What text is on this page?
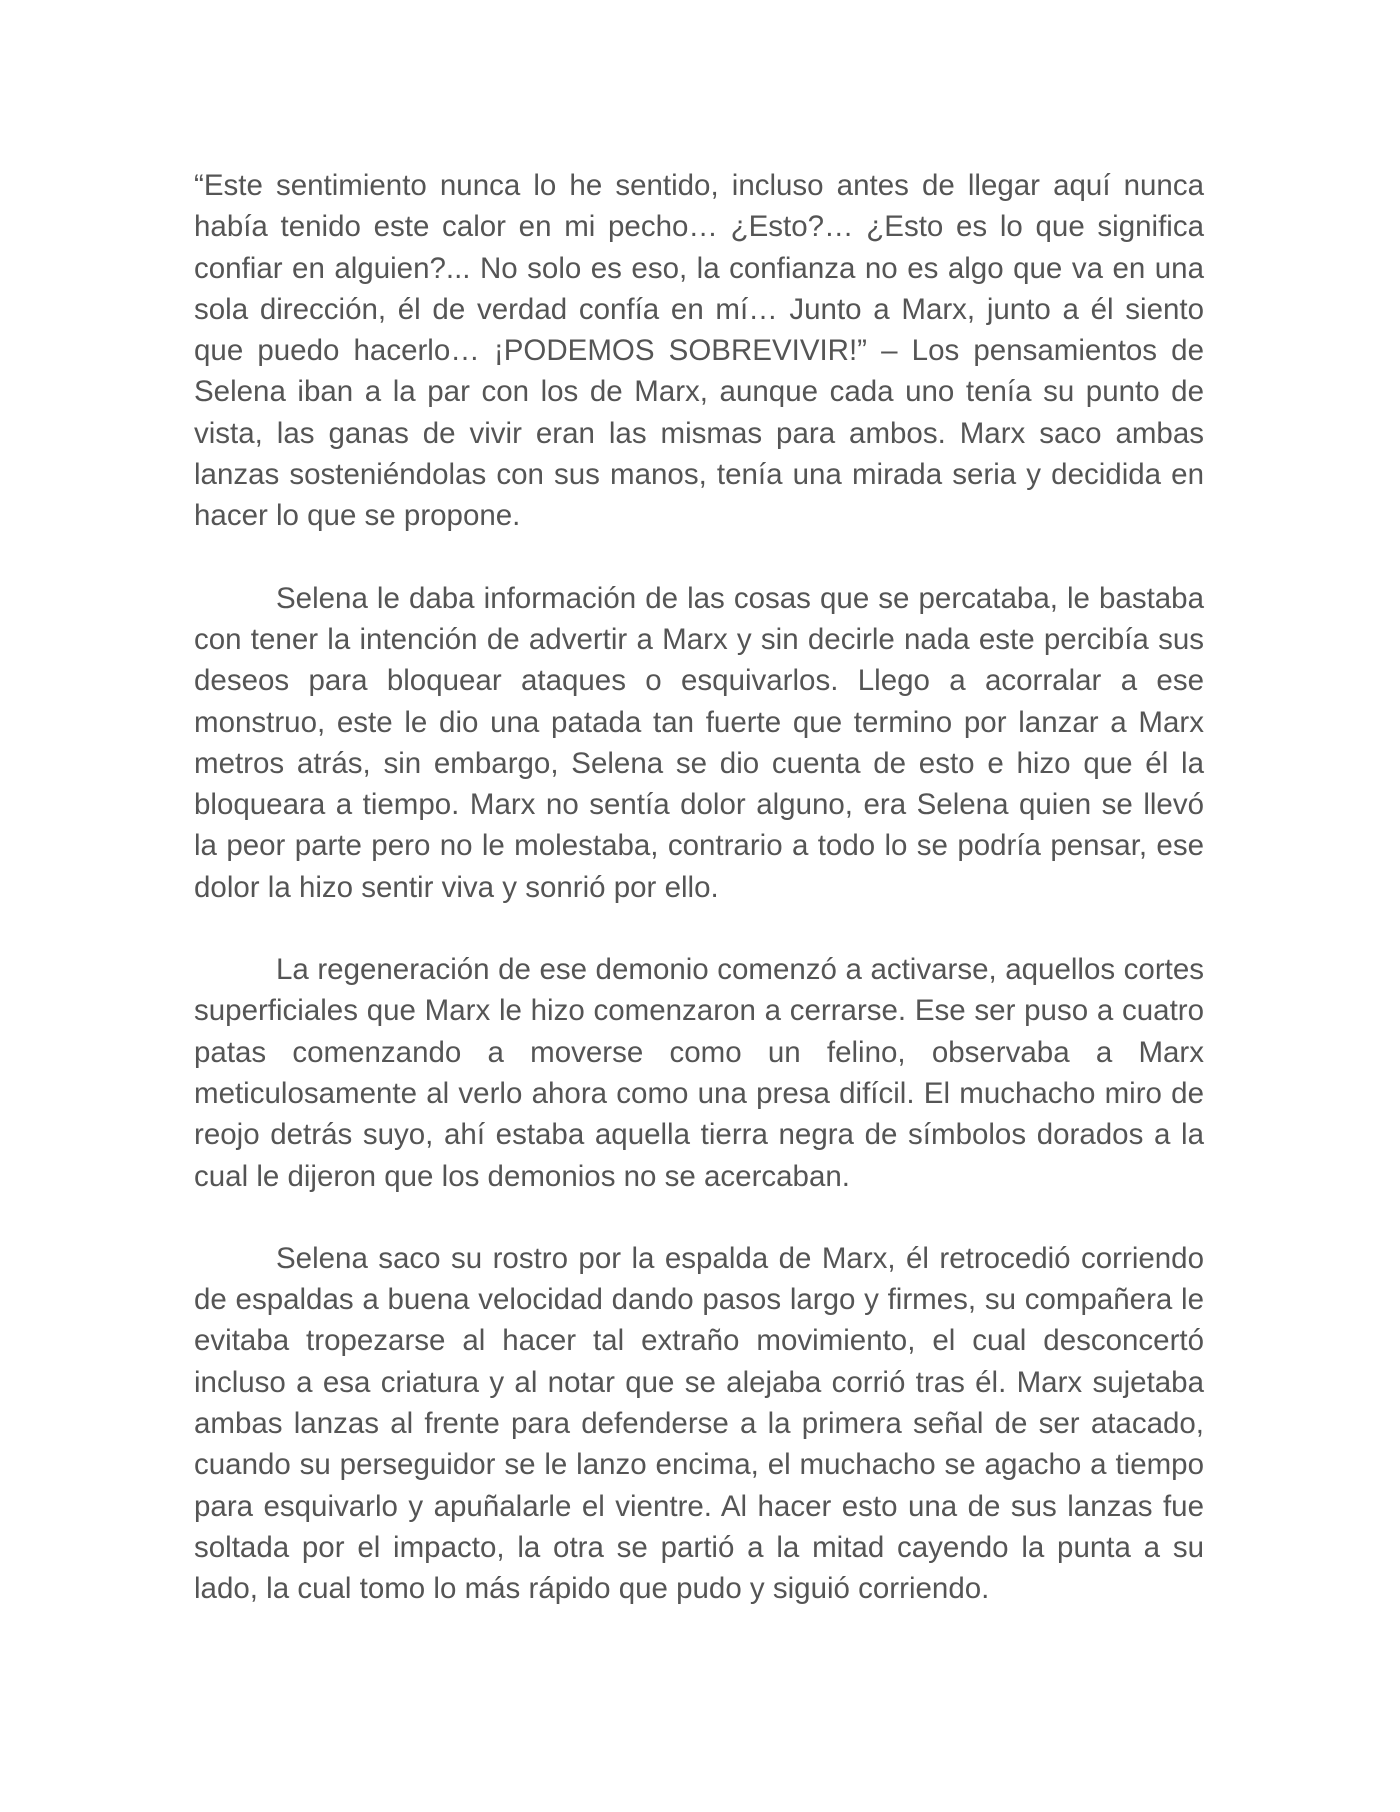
“Este sentimiento nunca lo he sentido, incluso antes de llegar aquí nunca había tenido este calor en mi pecho… ¿Esto?… ¿Esto es lo que significa confiar en alguien?... No solo es eso, la confianza no es algo que va en una sola dirección, él de verdad confía en mí… Junto a Marx, junto a él siento que puedo hacerlo… ¡PODEMOS SOBREVIVIR!” – Los pensamientos de Selena iban a la par con los de Marx, aunque cada uno tenía su punto de vista, las ganas de vivir eran las mismas para ambos. Marx saco ambas lanzas sosteniéndolas con sus manos, tenía una mirada seria y decidida en hacer lo que se propone.

Selena le daba información de las cosas que se percataba, le bastaba con tener la intención de advertir a Marx y sin decirle nada este percibía sus deseos para bloquear ataques o esquivarlos. Llego a acorralar a ese monstruo, este le dio una patada tan fuerte que termino por lanzar a Marx metros atrás, sin embargo, Selena se dio cuenta de esto e hizo que él la bloqueara a tiempo. Marx no sentía dolor alguno, era Selena quien se llevó la peor parte pero no le molestaba, contrario a todo lo se podría pensar, ese dolor la hizo sentir viva y sonrió por ello.

La regeneración de ese demonio comenzó a activarse, aquellos cortes superficiales que Marx le hizo comenzaron a cerrarse. Ese ser puso a cuatro patas comenzando a moverse como un felino, observaba a Marx meticulosamente al verlo ahora como una presa difícil. El muchacho miro de reojo detrás suyo, ahí estaba aquella tierra negra de símbolos dorados a la cual le dijeron que los demonios no se acercaban.

Selena saco su rostro por la espalda de Marx, él retrocedió corriendo de espaldas a buena velocidad dando pasos largo y firmes, su compañera le evitaba tropezarse al hacer tal extraño movimiento, el cual desconcertó incluso a esa criatura y al notar que se alejaba corrió tras él. Marx sujetaba ambas lanzas al frente para defenderse a la primera señal de ser atacado, cuando su perseguidor se le lanzo encima, el muchacho se agacho a tiempo para esquivarlo y apuñalarle el vientre. Al hacer esto una de sus lanzas fue soltada por el impacto, la otra se partió a la mitad cayendo la punta a su lado, la cual tomo lo más rápido que pudo y siguió corriendo.
